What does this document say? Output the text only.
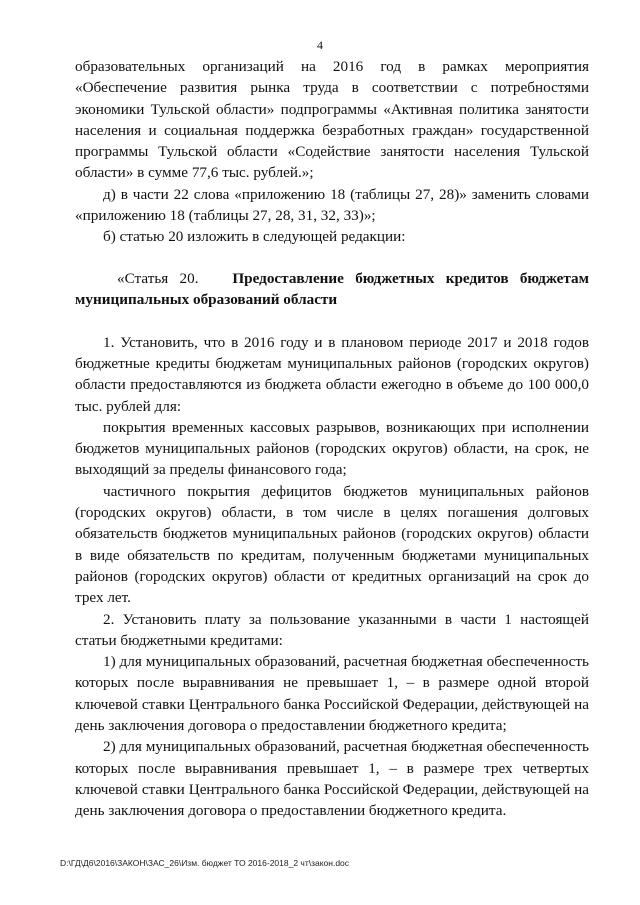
4

образовательных организаций на 2016 год в рамках мероприятия «Обеспечение развития рынка труда в соответствии с потребностями экономики Тульской области» подпрограммы «Активная политика занятости населения и социальная поддержка безработных граждан» государственной программы Тульской области «Содействие занятости населения Тульской области» в сумме 77,6 тыс. рублей.»;

д) в части 22 слова «приложению 18 (таблицы 27, 28)» заменить словами «приложению 18 (таблицы 27, 28, 31, 32, 33)»;

б) статью 20 изложить в следующей редакции:

«Статья 20. Предоставление бюджетных кредитов бюджетам муниципальных образований области

1. Установить, что в 2016 году и в плановом периоде 2017 и 2018 годов бюджетные кредиты бюджетам муниципальных районов (городских округов) области предоставляются из бюджета области ежегодно в объеме до 100 000,0 тыс. рублей для:

покрытия временных кассовых разрывов, возникающих при исполнении бюджетов муниципальных районов (городских округов) области, на срок, не выходящий за пределы финансового года;

частичного покрытия дефицитов бюджетов муниципальных районов (городских округов) области, в том числе в целях погашения долговых обязательств бюджетов муниципальных районов (городских округов) области в виде обязательств по кредитам, полученным бюджетами муниципальных районов (городских округов) области от кредитных организаций на срок до трех лет.

2. Установить плату за пользование указанными в части 1 настоящей статьи бюджетными кредитами:

1) для муниципальных образований, расчетная бюджетная обеспеченность которых после выравнивания не превышает 1, – в размере одной второй ключевой ставки Центрального банка Российской Федерации, действующей на день заключения договора о предоставлении бюджетного кредита;

2) для муниципальных образований, расчетная бюджетная обеспеченность которых после выравнивания превышает 1, – в размере трех четвертых ключевой ставки Центрального банка Российской Федерации, действующей на день заключения договора о предоставлении бюджетного кредита.

D:\ГД\Д6\2016\ЗАКОН\ЗАС_26\Изм. бюджет ТО 2016-2018_2 чт\закон.doc
